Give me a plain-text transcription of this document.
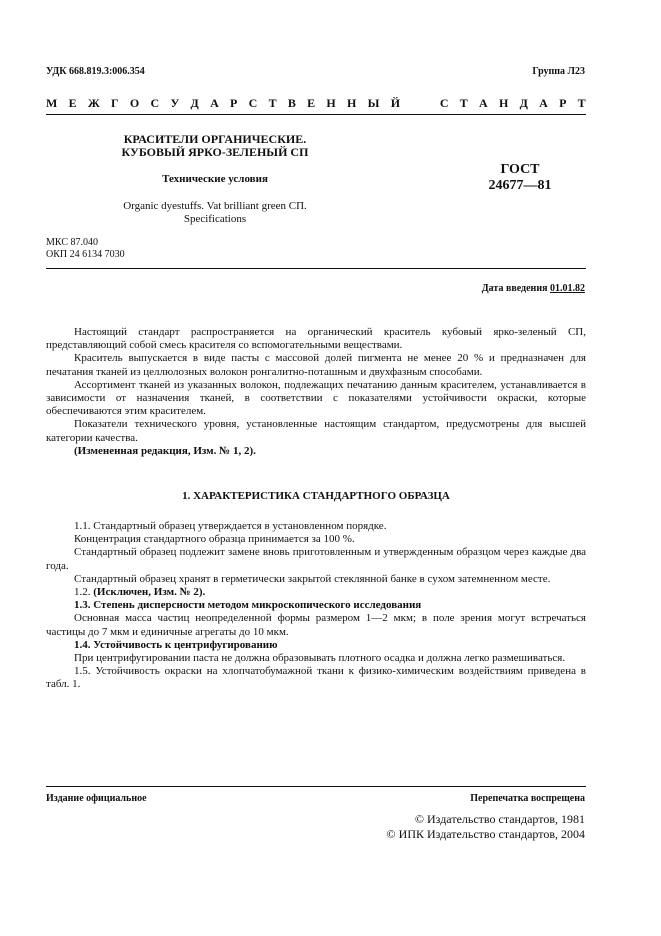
УДК 668.819.3:006.354	Группа Л23
М Е Ж Г О С У Д А Р С Т В Е Н Н Ы Й

	С Т А Н Д А Р Т
КРАСИТЕЛИ ОРГАНИЧЕСКИЕ.
КУБОВЫЙ ЯРКО-ЗЕЛЕНЫЙ СП
Технические условия
Organic dyestuffs. Vat brilliant green СП.
Specifications
ГОСТ
24677—81
МКС 87.040
ОКП 24 6134 7030
Дата введения 01.01.82

Настоящий стандарт распространяется на органический краситель кубовый ярко-зеленый СП, представляющий собой смесь красителя со вспомогательными веществами.

Краситель выпускается в виде пасты с массовой долей пигмента не менее 20 % и предназначен для печатания тканей из целлюлозных волокон ронгалитно-поташным и двухфазным способами.

Ассортимент тканей из указанных волокон, подлежащих печатанию данным красителем, устанавливается в зависимости от назначения тканей, в соответствии с показателями устойчивости окраски, которые обеспечиваются этим красителем.

Показатели технического уровня, установленные настоящим стандартом, предусмотрены для высшей категории качества.

(Измененная редакция, Изм. № 1, 2).

1. ХАРАКТЕРИСТИКА СТАНДАРТНОГО ОБРАЗЦА

1.1. Стандартный образец утверждается в установленном порядке.

Концентрация стандартного образца принимается за 100 %.

Стандартный образец подлежит замене вновь приготовленным и утвержденным образцом через каждые два года.

Стандартный образец хранят в герметически закрытой стеклянной банке в сухом затемненном месте.

1.2. (Исключен, Изм. № 2).

1.3. Степень дисперсности методом микроскопического исследования

Основная масса частиц неопределенной формы размером 1—2 мкм; в поле зрения могут встречаться частицы до 7 мкм и единичные агрегаты до 10 мкм.

1.4. Устойчивость к центрифугированию

При центрифугировании паста не должна образовывать плотного осадка и должна легко размешиваться.

1.5. Устойчивость окраски на хлопчатобумажной ткани к физико-химическим воздействиям приведена в табл. 1.

Издание официальное	Перепечатка воспрещена
© Издательство стандартов, 1981
© ИПК Издательство стандартов, 2004
